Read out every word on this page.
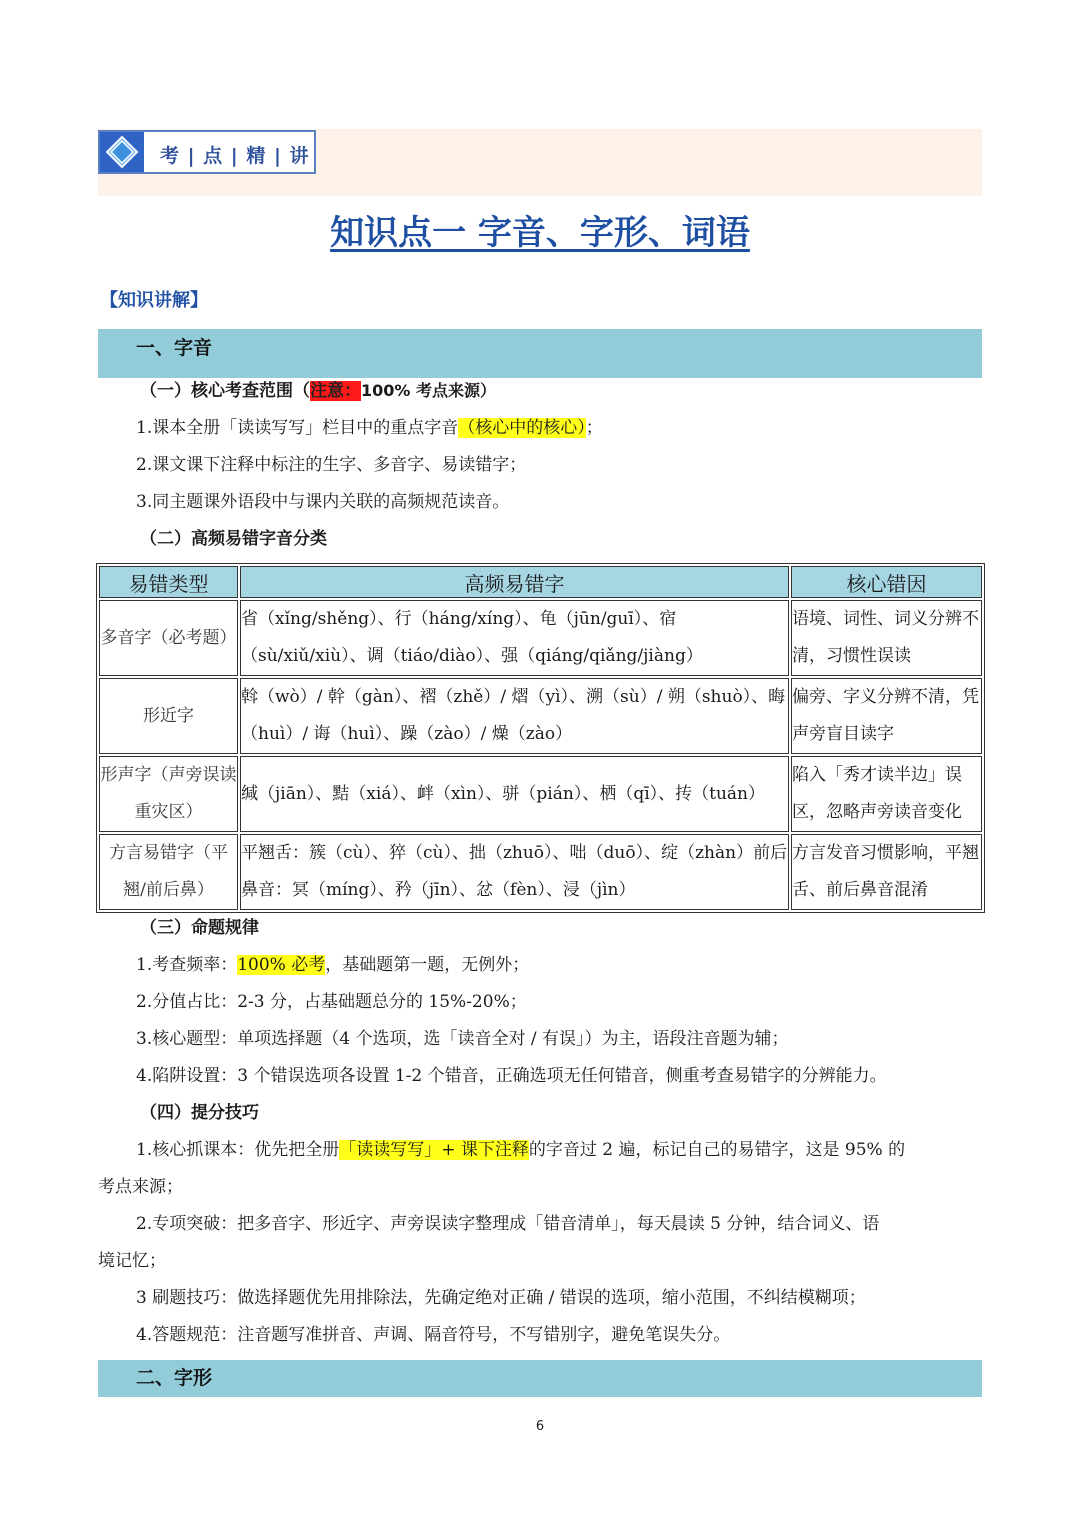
考 | 点 | 精 | 讲
知识点一 字音、字形、词语
【知识讲解】
一、字音
（一）核心考查范围（注意：100% 考点来源）
1.课本全册「读读写写」栏目中的重点字音（核心中的核心）；
2.课文课下注释中标注的生字、多音字、易读错字；
3.同主题课外语段中与课内关联的高频规范读音。
（二）高频易错字音分类
易错类型	高频易错字	核心错因
多音字（必考题）	省（xǐng/shěng）、行（háng/xíng）、龟（jūn/guī）、宿（sù/xiǔ/xiù）、调（tiáo/diào）、强（qiáng/qiǎng/jiàng）	语境、词性、词义分辨不清，习惯性误读
形近字	斡（wò）/ 幹（gàn）、褶（zhě）/ 熠（yì）、溯（sù）/ 朔（shuò）、晦（huì）/ 诲（huì）、躁（zào）/ 燥（zào）	偏旁、字义分辨不清，凭声旁盲目读字
形声字（声旁误读重灾区）	缄（jiān）、黠（xiá）、衅（xìn）、骈（pián）、栖（qī）、抟（tuán）	陷入「秀才读半边」误区，忽略声旁读音变化
方言易错字（平翘/前后鼻）	平翘舌：簇（cù）、猝（cù）、拙（zhuō）、咄（duō）、绽（zhàn）前后鼻音：冥（míng）、矜（jīn）、忿（fèn）、浸（jìn）	方言发音习惯影响，平翘舌、前后鼻音混淆
（三）命题规律
1.考查频率：100% 必考，基础题第一题，无例外；
2.分值占比：2-3 分，占基础题总分的 15%-20%；
3.核心题型：单项选择题（4 个选项，选「读音全对 / 有误」）为主，语段注音题为辅；
4.陷阱设置：3 个错误选项各设置 1-2 个错音，正确选项无任何错音，侧重考查易错字的分辨能力。
（四）提分技巧
1.核心抓课本：优先把全册「读读写写」+ 课下注释的字音过 2 遍，标记自己的易错字，这是 95% 的
考点来源；
2.专项突破：把多音字、形近字、声旁误读字整理成「错音清单」，每天晨读 5 分钟，结合词义、语
境记忆；
3 刷题技巧：做选择题优先用排除法，先确定绝对正确 / 错误的选项，缩小范围，不纠结模糊项；
4.答题规范：注音题写准拼音、声调、隔音符号，不写错别字，避免笔误失分。
二、字形
6
